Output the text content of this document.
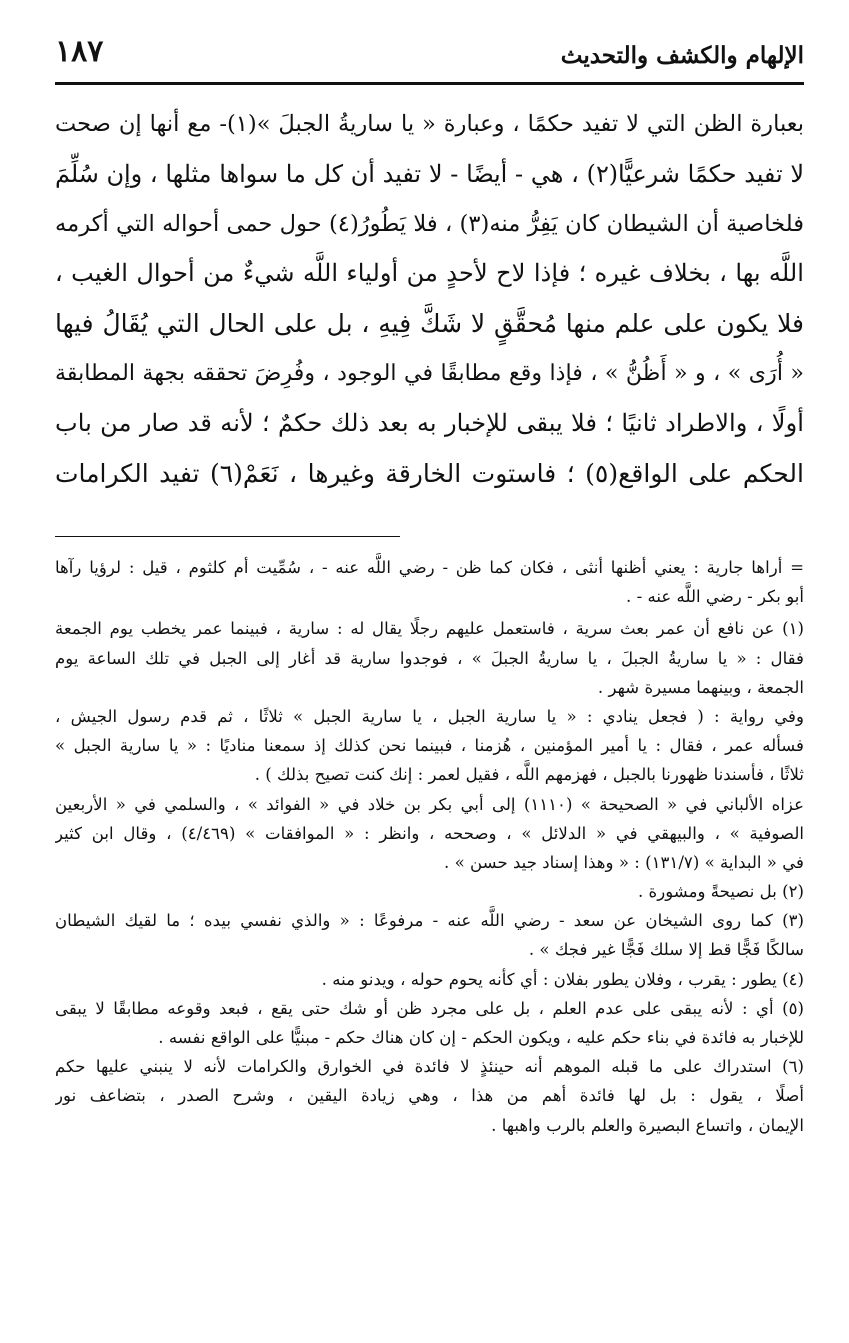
الإلهام والكشف والتحديث
١٨٧

بعبارة الظن التي لا تفيد حكمًا ، وعبارة « يا ساريةُ الجبلَ »(١)- مع أنها إن صحت

لا تفيد حكمًا شرعيًّا(٢) ، هي - أيضًا - لا تفيد أن كل ما سواها مثلها ، وإن سُلِّمَ

فلخاصية أن الشيطان كان يَفِرُّ منه(٣) ، فلا يَطُورُ(٤) حول حمى أحواله التي أكرمه

اللَّه بها ، بخلاف غيره ؛ فإذا لاح لأحدٍ من أولياء اللَّه شيءٌ من أحوال الغيب ،

فلا يكون على علم منها مُحقَّقٍ لا شَكَّ فِيهِ ، بل على الحال التي يُقَالُ فيها

« أُرَى » ، و « أَظُنُّ » ، فإذا وقع مطابقًا في الوجود ، وفُرِضَ تحققه بجهة المطابقة

أولًا ، والاطراد ثانيًا ؛ فلا يبقى للإخبار به بعد ذلك حكمٌ ؛ لأنه قد صار من باب

الحكم على الواقع(٥) ؛ فاستوت الخارقة وغيرها ، نَعَمْ(٦) تفيد الكرامات

= أراها جارية : يعني أظنها أنثى ، فكان كما ظن - رضي اللَّه عنه - ، سُمِّيت أم كلثوم ، قيل : لرؤيا رآها

أبو بكر - رضي اللَّه عنه - .

(١) عن نافع أن عمر بعث سرية ، فاستعمل عليهم رجلًا يقال له : سارية ، فبينما عمر يخطب يوم الجمعة

فقال : « يا ساريةُ الجبلَ ، يا ساريةُ الجبلَ » ، فوجدوا سارية قد أغار إلى الجبل في تلك الساعة يوم

الجمعة ، وبينهما مسيرة شهر .

وفي رواية : ( فجعل ينادي : « يا سارية الجبل ، يا سارية الجبل » ثلاثًا ، ثم قدم رسول الجيش ،

فسأله عمر ، فقال : يا أمير المؤمنين ، هُزمنا ، فبينما نحن كذلك إذ سمعنا مناديًا : « يا سارية الجبل »

ثلاثًا ، فأسندنا ظهورنا بالجبل ، فهزمهم اللَّه ، فقيل لعمر : إنك كنت تصيح بذلك ) .

عزاه الألباني في « الصحيحة » (١١١٠) إلى أبي بكر بن خلاد في « الفوائد » ، والسلمي في « الأربعين

الصوفية » ، والبيهقي في « الدلائل » ، وصححه ، وانظر : « الموافقات » (٤/٤٦٩) ، وقال ابن كثير

في « البداية » (١٣١/٧) : « وهذا إسناد جيد حسن » .

(٢) بل نصيحةً ومشورة .

(٣) كما روى الشيخان عن سعد - رضي اللَّه عنه - مرفوعًا : « والذي نفسي بيده ؛ ما لقيك الشيطان

سالكًا فَجًّا قط إلا سلك فَجًّا غير فجك » .

(٤) يطور : يقرب ، وفلان يطور بفلان : أي كأنه يحوم حوله ، ويدنو منه .

(٥) أي : لأنه يبقى على عدم العلم ، بل على مجرد ظن أو شك حتى يقع ، فبعد وقوعه مطابقًا لا يبقى

للإخبار به فائدة في بناء حكم عليه ، ويكون الحكم - إن كان هناك حكم - مبنيًّا على الواقع نفسه .

(٦) استدراك على ما قبله الموهم أنه حينئذٍ لا فائدة في الخوارق والكرامات لأنه لا ينبني عليها حكم

أصلًا ، يقول : بل لها فائدة أهم من هذا ، وهي زيادة اليقين ، وشرح الصدر ، بتضاعف نور

الإيمان ، واتساع البصيرة والعلم بالرب واهبها .
